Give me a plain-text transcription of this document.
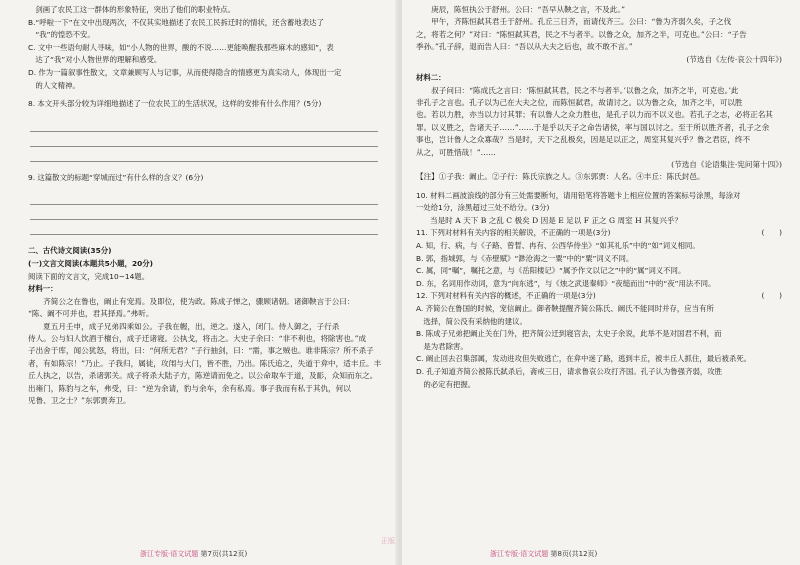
　剑画了农民工这一群体的形象特征，突出了他们的职业特点。
B.“呼啦一下”在文中出现两次，不仅其实地描述了农民工民拆迁时的情状，还含蓄地表达了
　“我”的惶恐不安。
C. 文中一些语句耐人寻味，如“小人物的世界，酸的不说……更能唤醒我那些麻木的感知”，表
　达了“我”对小人物世界的理解和感受。
D. 作为一篇叙事性散文，文章兼顾写人与记事，从而使得隐含的情感更为真实动人，体现出一定
　的人文精神。
8. 本文开头部分较为详细地描述了一位农民工的生活状况，这样的安排有什么作用？(5分)
9. 这篇散文的标题“穿城而过”有什么样的含义？(6分)
二、古代诗文阅读(35分)
(一)文言文阅读(本题共5小题，20分)
阅读下面的文言文，完成10~14题。
材料一：
　　齐简公之在鲁也，阚止有宠焉。及即位，使为政。陈成子惮之，骤顾诸朝。诸御鞅言于公曰：
“陈、阚不可并也，君其择焉。”弗听。
　　夏五月壬申，成子兄弟四乘如公。子我在幄，出，逆之。遂入，闭门。侍人御之，子行杀
侍人。公与妇人饮酒于檀台，成子迁诸寝。公执戈，将击之。大史子余曰：“非不利也，将除害也。”成
子出舍于库，闻公犹怒，将出，曰：“何所无君？”子行抽剑，曰：“需，事之贼也。谁非陈宗？所不杀子
者，有如陈宗！”乃止。子我归，属徒，攻闱与大门，皆不胜，乃出。陈氏追之，失道于弇中，适丰丘。丰
丘人执之，以告，杀诸郭关。成子将杀大陆子方，陈逆请而免之。以公命取车于道，及耏，众知而东之。
出雍门，陈豹与之车，弗受，曰：“逆为余请，豹与余车，余有私焉。事子我而有私于其仇，何以
见鲁、卫之士？”东郭贾奔卫。
浙江专版·语文试题 第7页(共12页)
正版
　　庚辰，陈恒执公于舒州。公曰：“吾早从鞅之言，不及此。”
　　甲午，齐陈恒弑其君壬于舒州。孔丘三日齐，而请伐齐三。公曰：“鲁为齐弱久矣，子之伐
之，将若之何？”对曰：“陈恒弑其君，民之不与者半。以鲁之众，加齐之半，可克也。”公曰：“子告
季孙。”孔子辞，退而告人曰：“吾以从大夫之后也，故不敢不言。”
(节选自《左传·哀公十四年》)
材料二：
　　叔子问曰：“陈成氏之言曰：‘陈恒弑其君，民之不与者半。’以鲁之众，加齐之半，可克也。’此
非孔子之言也。孔子以为己在大夫之位，而陈恒弑君，故请讨之。以为鲁之众，加齐之半，可以胜
也。若以力胜，亦当以力讨其罪；有以鲁人之众力胜也，是孔子以力而不以义也。若孔子之志，必将正名其
罪。以义胜之，告诸天子……”……于是乎以天子之命告诸侯，率与国以讨之。至于所以胜齐者，孔子之余
事也，岂计鲁人之众寡哉？当是时，天下之乱极矣，因是足以正之，周室其复兴乎？鲁之君臣，终不
从之，可胜惜哉！”……
(节选自《论语集注·宪问第十四》)
【注】①子我：阚止。②子行：陈氏宗族之人。③东郭贾：人名。④丰丘：陈氏封邑。
10. 材料二画波浪线的部分有三处需要断句，请用铅笔将答题卡上相应位置的答案标号涂黑，每涂对
一处给1分，涂黑超过三处不给分。(3分)
当是时 A 天下 B 之乱 C 极矣 D 因是 E 足以 F 正之 G 周室 H 其复兴乎？
11. 下列对材料有关内容的相关解说，不正确的一项是(3分)	(　　)
A. 知，行、病，与《子路、曾晳、冉有、公西华侍坐》“如其礼乐”中的“如”词义相同。
B. 郭，指城郭，与《赤壁赋》“渺沧海之一粟”中的“粟”词义不同。
C. 属，同“嘱”，嘱托之意，与《岳阳楼记》“属予作文以记之”中的“属”词义不同。
D. 东，名词用作动词，意为“向东逃”，与《烛之武退秦师》“夜缒而出”中的“夜”用法不同。
12. 下列对材料有关内容的概述，不正确的一项是(3分)	(　　)
A. 齐简公在鲁国的时候，宠信阚止。御者鞅提醒齐简公陈氏、阚氏不能同时并存，应当有所
　选择，简公没有采纳他的建议。
B. 陈成子兄弟把阚止关在门外，把齐简公迁到寝宫去，太史子余说，此举不是对国君不利，而
　是为君除害。
C. 阚止回去召集部属，发动进攻但失败逃亡，在弇中迷了路，逃到丰丘，被丰丘人抓住，最后被杀死。
D. 孔子知道齐简公被陈氏弑杀后，斋戒三日，请求鲁哀公攻打齐国。孔子认为鲁强齐弱，攻胜
　的必定有把握。
浙江专版·语文试题 第8页(共12页)
